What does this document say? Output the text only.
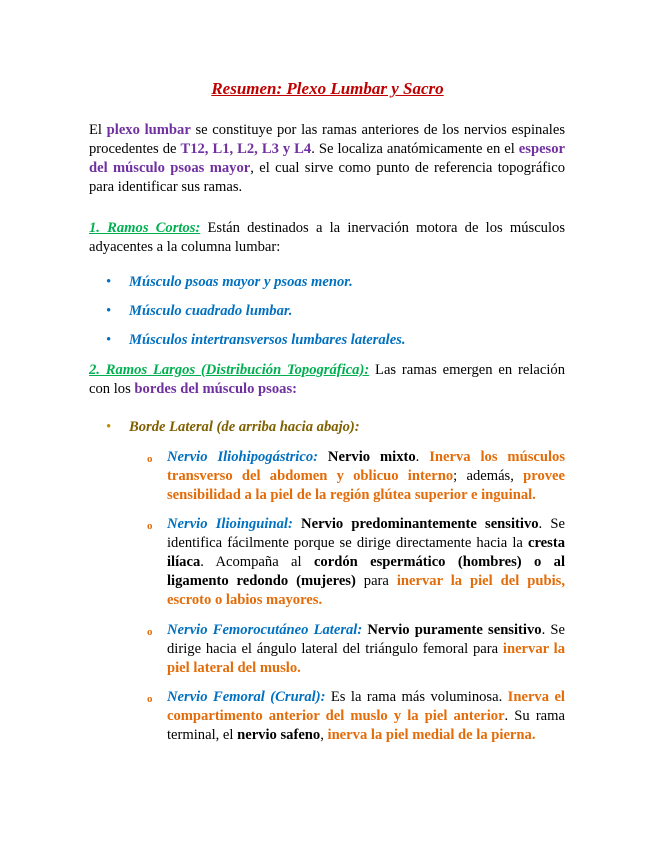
Resumen: Plexo Lumbar y Sacro

El plexo lumbar se constituye por las ramas anteriores de los nervios espinales procedentes de T12, L1, L2, L3 y L4. Se localiza anatómicamente en el espesor del músculo psoas mayor, el cual sirve como punto de referencia topográfico para identificar sus ramas.

1. Ramos Cortos: Están destinados a la inervación motora de los músculos adyacentes a la columna lumbar:

• Músculo psoas mayor y psoas menor.
• Músculo cuadrado lumbar.
• Músculos intertransversos lumbares laterales.

2. Ramos Largos (Distribución Topográfica): Las ramas emergen en relación con los bordes del músculo psoas:

• Borde Lateral (de arriba hacia abajo):

o Nervio Iliohipogástrico: Nervio mixto. Inerva los músculos transverso del abdomen y oblicuo interno; además, provee sensibilidad a la piel de la región glútea superior e inguinal.

o Nervio Ilioinguinal: Nervio predominantemente sensitivo. Se identifica fácilmente porque se dirige directamente hacia la cresta ilíaca. Acompaña al cordón espermático (hombres) o al ligamento redondo (mujeres) para inervar la piel del pubis, escroto o labios mayores.

o Nervio Femorocutáneo Lateral: Nervio puramente sensitivo. Se dirige hacia el ángulo lateral del triángulo femoral para inervar la piel lateral del muslo.

o Nervio Femoral (Crural): Es la rama más voluminosa. Inerva el compartimento anterior del muslo y la piel anterior. Su rama terminal, el nervio safeno, inerva la piel medial de la pierna.
